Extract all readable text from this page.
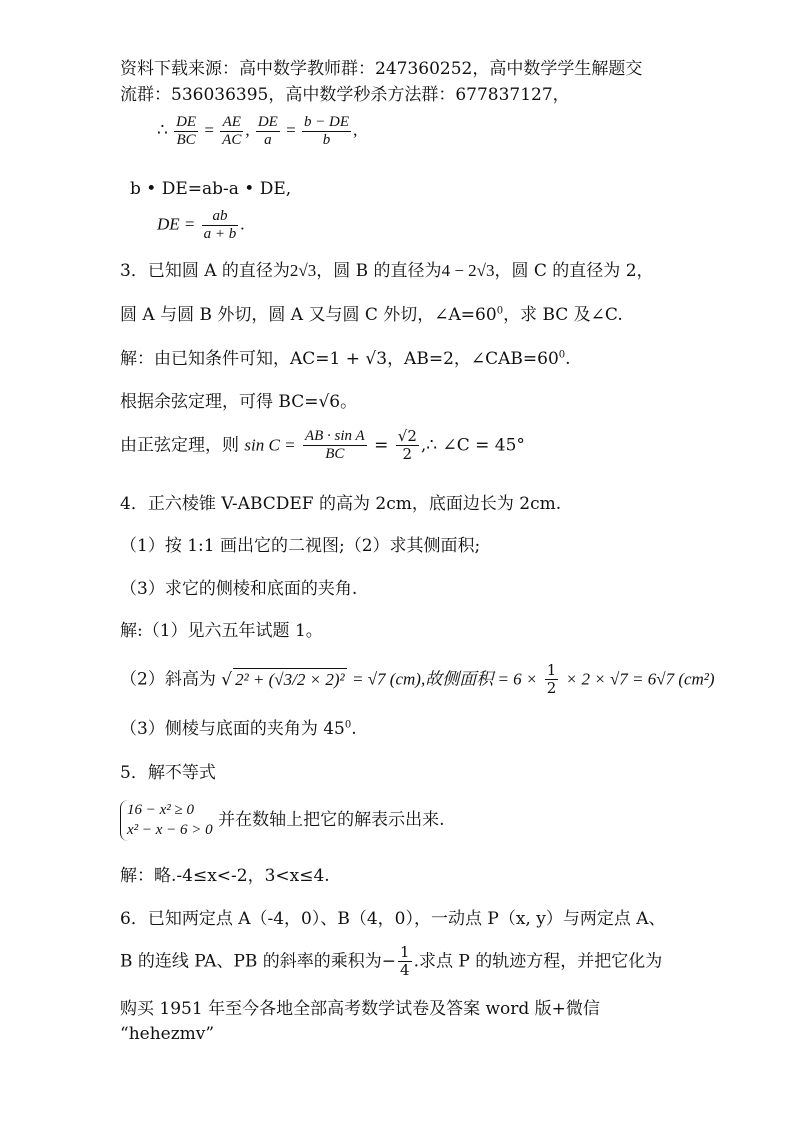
资料下载来源：高中数学教师群：247360252，高中数学学生解题交
流群：536036395，高中数学秒杀方法群：677837127，
∴ $\frac{DE}{BC} = \frac{AE}{AC}$ , $\frac{DE}{a} = \frac{b - DE}{b}$ ,
b • DE=ab-a • DE,
DE = $\frac{ab}{a + b}$ .
3．已知圆 A 的直径为2√3，圆 B 的直径为4 − 2√3，圆 C 的直径为 2，
圆 A 与圆 B 外切，圆 A 又与圆 C 外切，$\angle A=60^0$，求 BC 及∠C.
解：由已知条件可知，AC=1 + √3，AB=2，$\angle CAB=60^0$.
根据余弦定理，可得 BC=√6。
由正弦定理，则 $\sin C = \frac{\text{AB · sin A}}{BC} = \frac{√2}{2}$ ,∴ ∠C = 45°
4．正六棱锥 V-ABCDEF 的高为 2cm，底面边长为 2cm.
（1）按 1:1 画出它的二视图;（2）求其侧面积;
（3）求它的侧棱和底面的夹角.
解:（1）见六五年试题 1。
（2）斜高为 √ 2² + (√3/2 × 2)² = √7 (cm),故侧面积 = $6 \times \frac{1}{2} \times 2 \times √7 = 6√7$ (cm²)
（3）侧棱与底面的夹角为 $45^0$.
5．解不等式
16 − x² ≥ 0
x² − x − 6 > 0
并在数轴上把它的解表示出来.
解：略.-4≤x<-2，3<x≤4.
6．已知两定点 A（-4，0）、B（4，0），一动点 P（x, y）与两定点 A、
B 的连线 PA、PB 的斜率的乘积为− $\frac{1}{4}$ .求点 P 的轨迹方程，并把它化为
购买 1951 年至今各地全部高考数学试卷及答案 word 版+微信
“hehezmv”
